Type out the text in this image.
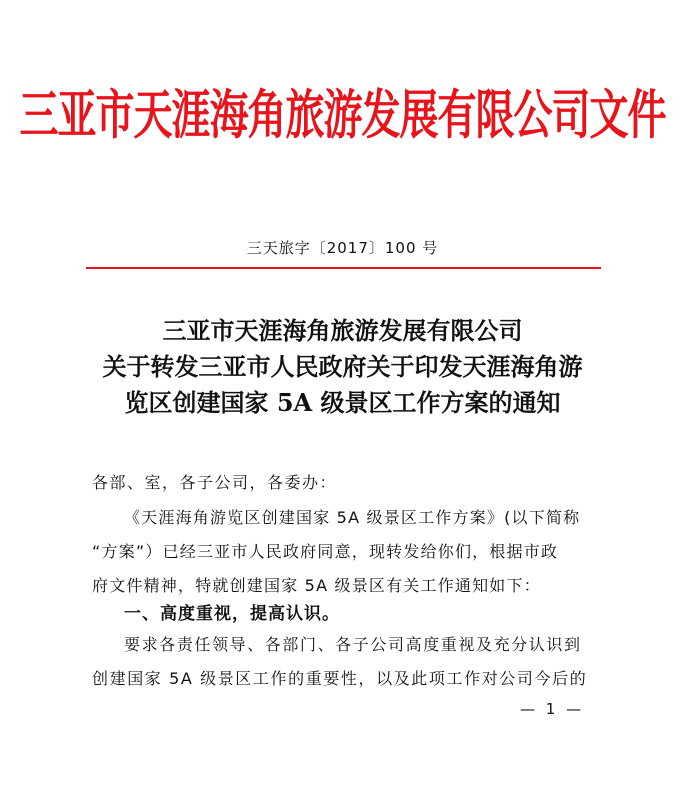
三亚市天涯海角旅游发展有限公司文件
三天旅字〔2017〕100 号
三亚市天涯海角旅游发展有限公司
关于转发三亚市人民政府关于印发天涯海角游
览区创建国家 5A 级景区工作方案的通知
各部、室，各子公司，各委办：
《天涯海角游览区创建国家 5A 级景区工作方案》(以下简称
“方案”）已经三亚市人民政府同意，现转发给你们，根据市政
府文件精神，特就创建国家 5A 级景区有关工作通知如下：
一、高度重视，提高认识。
要求各责任领导、各部门、各子公司高度重视及充分认识到
创建国家 5A 级景区工作的重要性，以及此项工作对公司今后的
— 1 —
